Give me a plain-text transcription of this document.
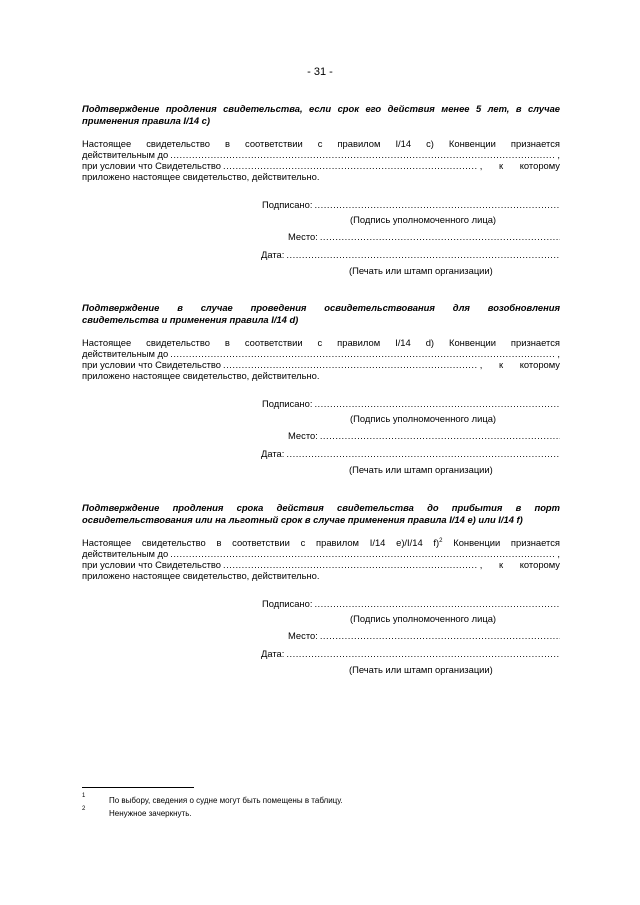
- 31 -

Подтверждение продления свидетельства, если срок его действия менее 5 лет, в случае
применения правила I/14 c)

Настоящее свидетельство в соответствии с правилом I/14 c) Конвенции признается
действительным до .....	,
при условии что Свидетельство .....	, к которому
приложено настоящее свидетельство, действительно.
Подписано:
.....
(Подпись уполномоченного лица)
Место:
.....
Дата:
.....
(Печать или штамп организации)

Подтверждение в случае проведения освидетельствования для возобновления
свидетельства и применения правила I/14 d)

Настоящее свидетельство в соответствии с правилом I/14 d) Конвенции признается
действительным до .....	,
при условии что Свидетельство .....	, к которому
приложено настоящее свидетельство, действительно.
Подписано:
.....
(Подпись уполномоченного лица)
Место:
.....
Дата:
.....
(Печать или штамп организации)

Подтверждение продления срока действия свидетельства до прибытия в порт
освидетельствования или на льготный срок в случае применения правила I/14 e) или I/14 f)

Настоящее свидетельство в соответствии с правилом I/14 e)/I/14 f)$^2$ Конвенции признается
действительным до .....	,
при условии что Свидетельство .....	, к которому
приложено настоящее свидетельство, действительно.
Подписано:
.....
(Подпись уполномоченного лица)
Место:
.....
Дата:
.....
(Печать или штамп организации)
1	По выбору, сведения о судне могут быть помещены в таблицу.
2	Ненужное зачеркнуть.
